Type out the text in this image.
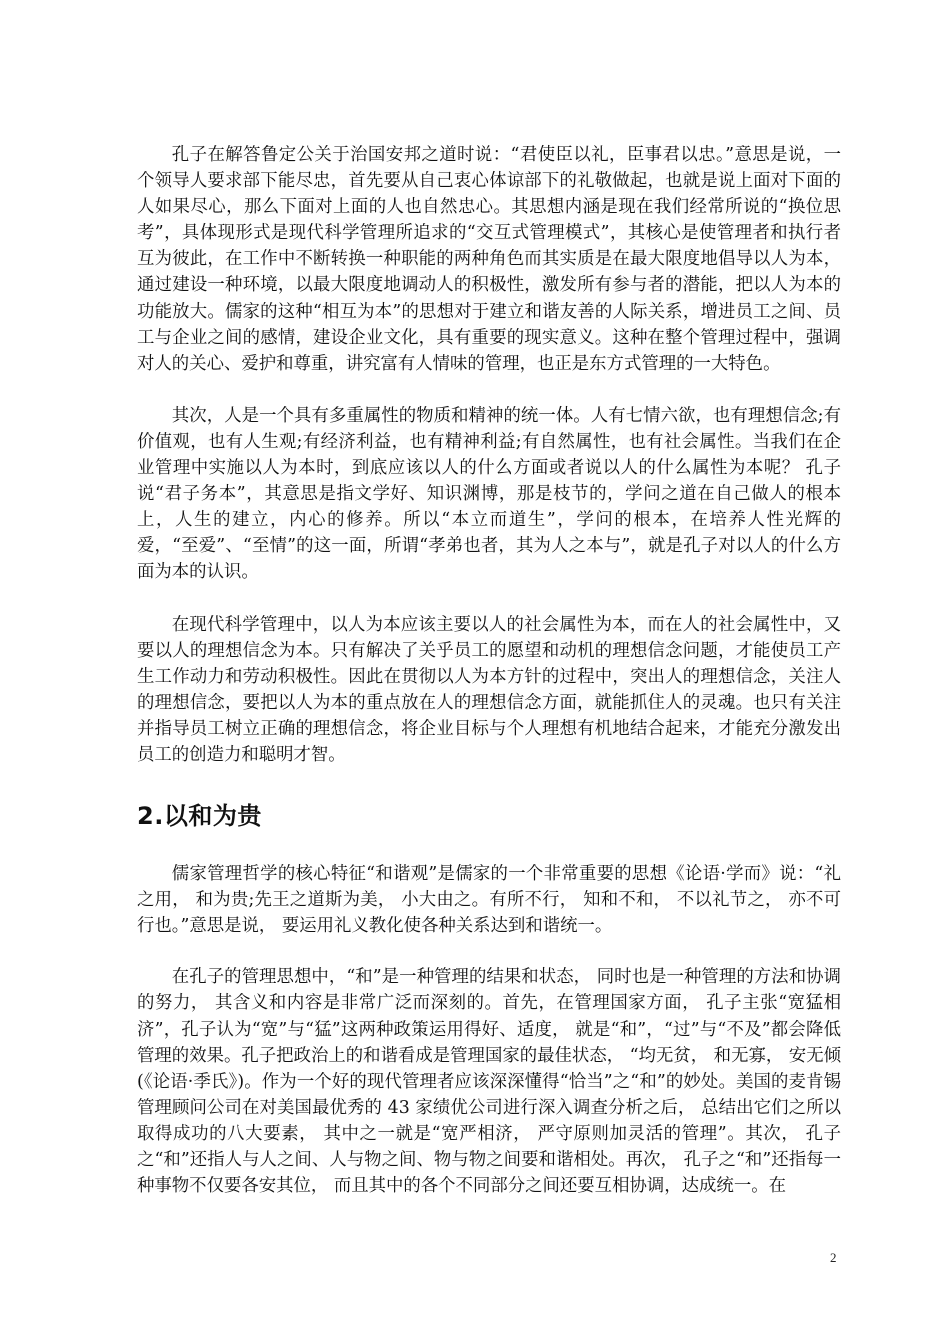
孔子在解答鲁定公关于治国安邦之道时说：“君使臣以礼，臣事君以忠。”意思是说，一个领导人要求部下能尽忠，首先要从自己衷心体谅部下的礼敬做起，也就是说上面对下面的人如果尽心，那么下面对上面的人也自然忠心。其思想内涵是现在我们经常所说的“换位思考”，具体现形式是现代科学管理所追求的“交互式管理模式”，其核心是使管理者和执行者互为彼此，在工作中不断转换一种职能的两种角色而其实质是在最大限度地倡导以人为本，通过建设一种环境，以最大限度地调动人的积极性，激发所有参与者的潜能，把以人为本的功能放大。儒家的这种“相互为本”的思想对于建立和谐友善的人际关系，增进员工之间、员工与企业之间的感情，建设企业文化，具有重要的现实意义。这种在整个管理过程中，强调对人的关心、爱护和尊重，讲究富有人情味的管理，也正是东方式管理的一大特色。

其次，人是一个具有多重属性的物质和精神的统一体。人有七情六欲，也有理想信念;有价值观，也有人生观;有经济利益，也有精神利益;有自然属性，也有社会属性。当我们在企业管理中实施以人为本时，到底应该以人的什么方面或者说以人的什么属性为本呢？ 孔子说“君子务本”，其意思是指文学好、知识渊博，那是枝节的，学问之道在自己做人的根本上，人生的建立，内心的修养。所以“本立而道生”，学问的根本，在培养人性光辉的爱，“至爱”、“至情”的这一面，所谓“孝弟也者，其为人之本与”，就是孔子对以人的什么方面为本的认识。

在现代科学管理中，以人为本应该主要以人的社会属性为本，而在人的社会属性中，又要以人的理想信念为本。只有解决了关乎员工的愿望和动机的理想信念问题，才能使员工产生工作动力和劳动积极性。因此在贯彻以人为本方针的过程中，突出人的理想信念，关注人的理想信念，要把以人为本的重点放在人的理想信念方面，就能抓住人的灵魂。也只有关注并指导员工树立正确的理想信念，将企业目标与个人理想有机地结合起来，才能充分激发出员工的创造力和聪明才智。

2.以和为贵

儒家管理哲学的核心特征“和谐观”是儒家的一个非常重要的思想《论语·学而》说：“礼之用， 和为贵;先王之道斯为美， 小大由之。有所不行， 知和不和， 不以礼节之， 亦不可行也。”意思是说， 要运用礼义教化使各种关系达到和谐统一。

在孔子的管理思想中，“和”是一种管理的结果和状态， 同时也是一种管理的方法和协调的努力， 其含义和内容是非常广泛而深刻的。首先，在管理国家方面， 孔子主张“宽猛相济”，孔子认为“宽”与“猛”这两种政策运用得好、适度， 就是“和”，“过”与“不及”都会降低管理的效果。孔子把政治上的和谐看成是管理国家的最佳状态， “均无贫， 和无寡， 安无倾(《论语·季氏》)。作为一个好的现代管理者应该深深懂得“恰当”之“和”的妙处。美国的麦肯锡管理顾问公司在对美国最优秀的 43 家绩优公司进行深入调查分析之后， 总结出它们之所以取得成功的八大要素， 其中之一就是“宽严相济， 严守原则加灵活的管理”。其次， 孔子之“和”还指人与人之间、人与物之间、物与物之间要和谐相处。再次， 孔子之“和”还指每一种事物不仅要各安其位， 而且其中的各个不同部分之间还要互相协调，达成统一。在

2
